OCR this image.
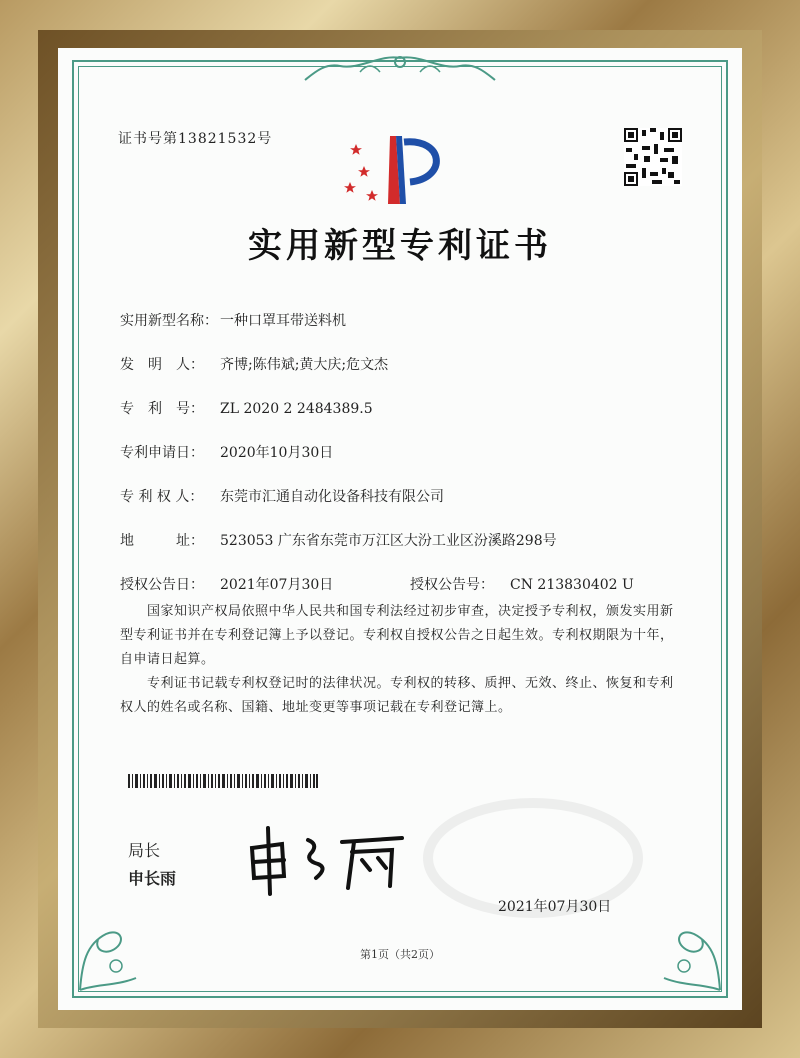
证书号第13821532号
实用新型专利证书
实用新型名称： 一种口罩耳带送料机
发　明　人： 齐博;陈伟斌;黄大庆;危文杰
专　利　号： ZL 2020 2 2484389.5
专利申请日： 2020年10月30日
专 利 权 人： 东莞市汇通自动化设备科技有限公司
地　　　址： 523053 广东省东莞市万江区大汾工业区汾溪路298号
授权公告日： 2021年07月30日	授权公告号： CN 213830402 U
　　国家知识产权局依照中华人民共和国专利法经过初步审查，决定授予专利权，颁发实用新型专利证书并在专利登记簿上予以登记。专利权自授权公告之日起生效。专利权期限为十年，自申请日起算。
　　专利证书记载专利权登记时的法律状况。专利权的转移、质押、无效、终止、恢复和专利权人的姓名或名称、国籍、地址变更等事项记载在专利登记簿上。
局长
申长雨
2021年07月30日
第1页（共2页）
